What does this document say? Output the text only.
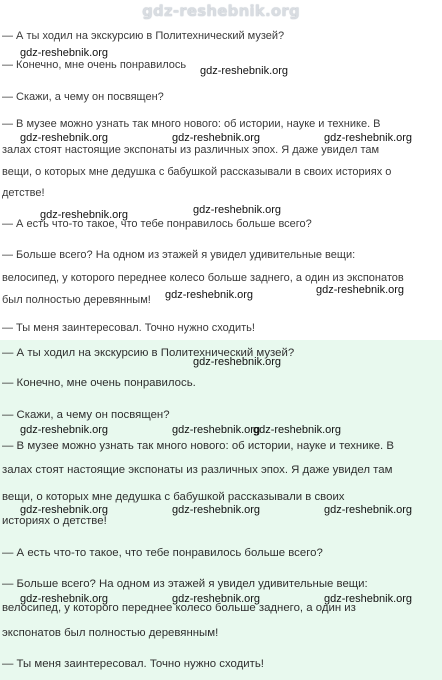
gdz-reshebnik.org

— А ты ходил на экскурсию в Политехнический музей?

— Конечно, мне очень понравилось

— Скажи, а чему он посвящен?

— В музее можно узнать так много нового: об истории, науке и технике. В

залах стоят настоящие экспонаты из различных эпох. Я даже увидел там

вещи, о которых мне дедушка с бабушкой рассказывали в своих историях о

детстве!

— А есть что-то такое, что тебе понравилось больше всего?

— Больше всего? На одном из этажей я увидел удивительные вещи:

велосипед, у которого переднее колесо больше заднего, а один из экспонатов

был полностью деревянным!

— Ты меня заинтересовал. Точно нужно сходить!

— А ты ходил на экскурсию в Политехнический музей?

— Конечно, мне очень понравилось.

— Скажи, а чему он посвящен?

— В музее можно узнать так много нового: об истории, науке и технике. В

залах стоят настоящие экспонаты из различных эпох. Я даже увидел там

вещи, о которых мне дедушка с бабушкой рассказывали в своих

историях о детстве!

— А есть что-то такое, что тебе понравилось больше всего?

— Больше всего? На одном из этажей я увидел удивительные вещи:

велосипед, у которого переднее колесо больше заднего, а один из

экспонатов был полностью деревянным!

— Ты меня заинтересовал. Точно нужно сходить!

gdz-reshebnik.org

gdz-reshebnik.org

gdz-reshebnik.org	gdz-reshebnik.org	gdz-reshebnik.org

gdz-reshebnik.org	gdz-reshebnik.org

gdz-reshebnik.org	gdz-reshebnik.org

gdz-reshebnik.org

gdz-reshebnik.org	gdz-reshebnik.org

gdz-reshebnik.org

gdz-reshebnik.org	gdz-reshebnik.org	gdz-reshebnik.org

gdz-reshebnik.org	gdz-reshebnik.org	gdz-reshebnik.org
